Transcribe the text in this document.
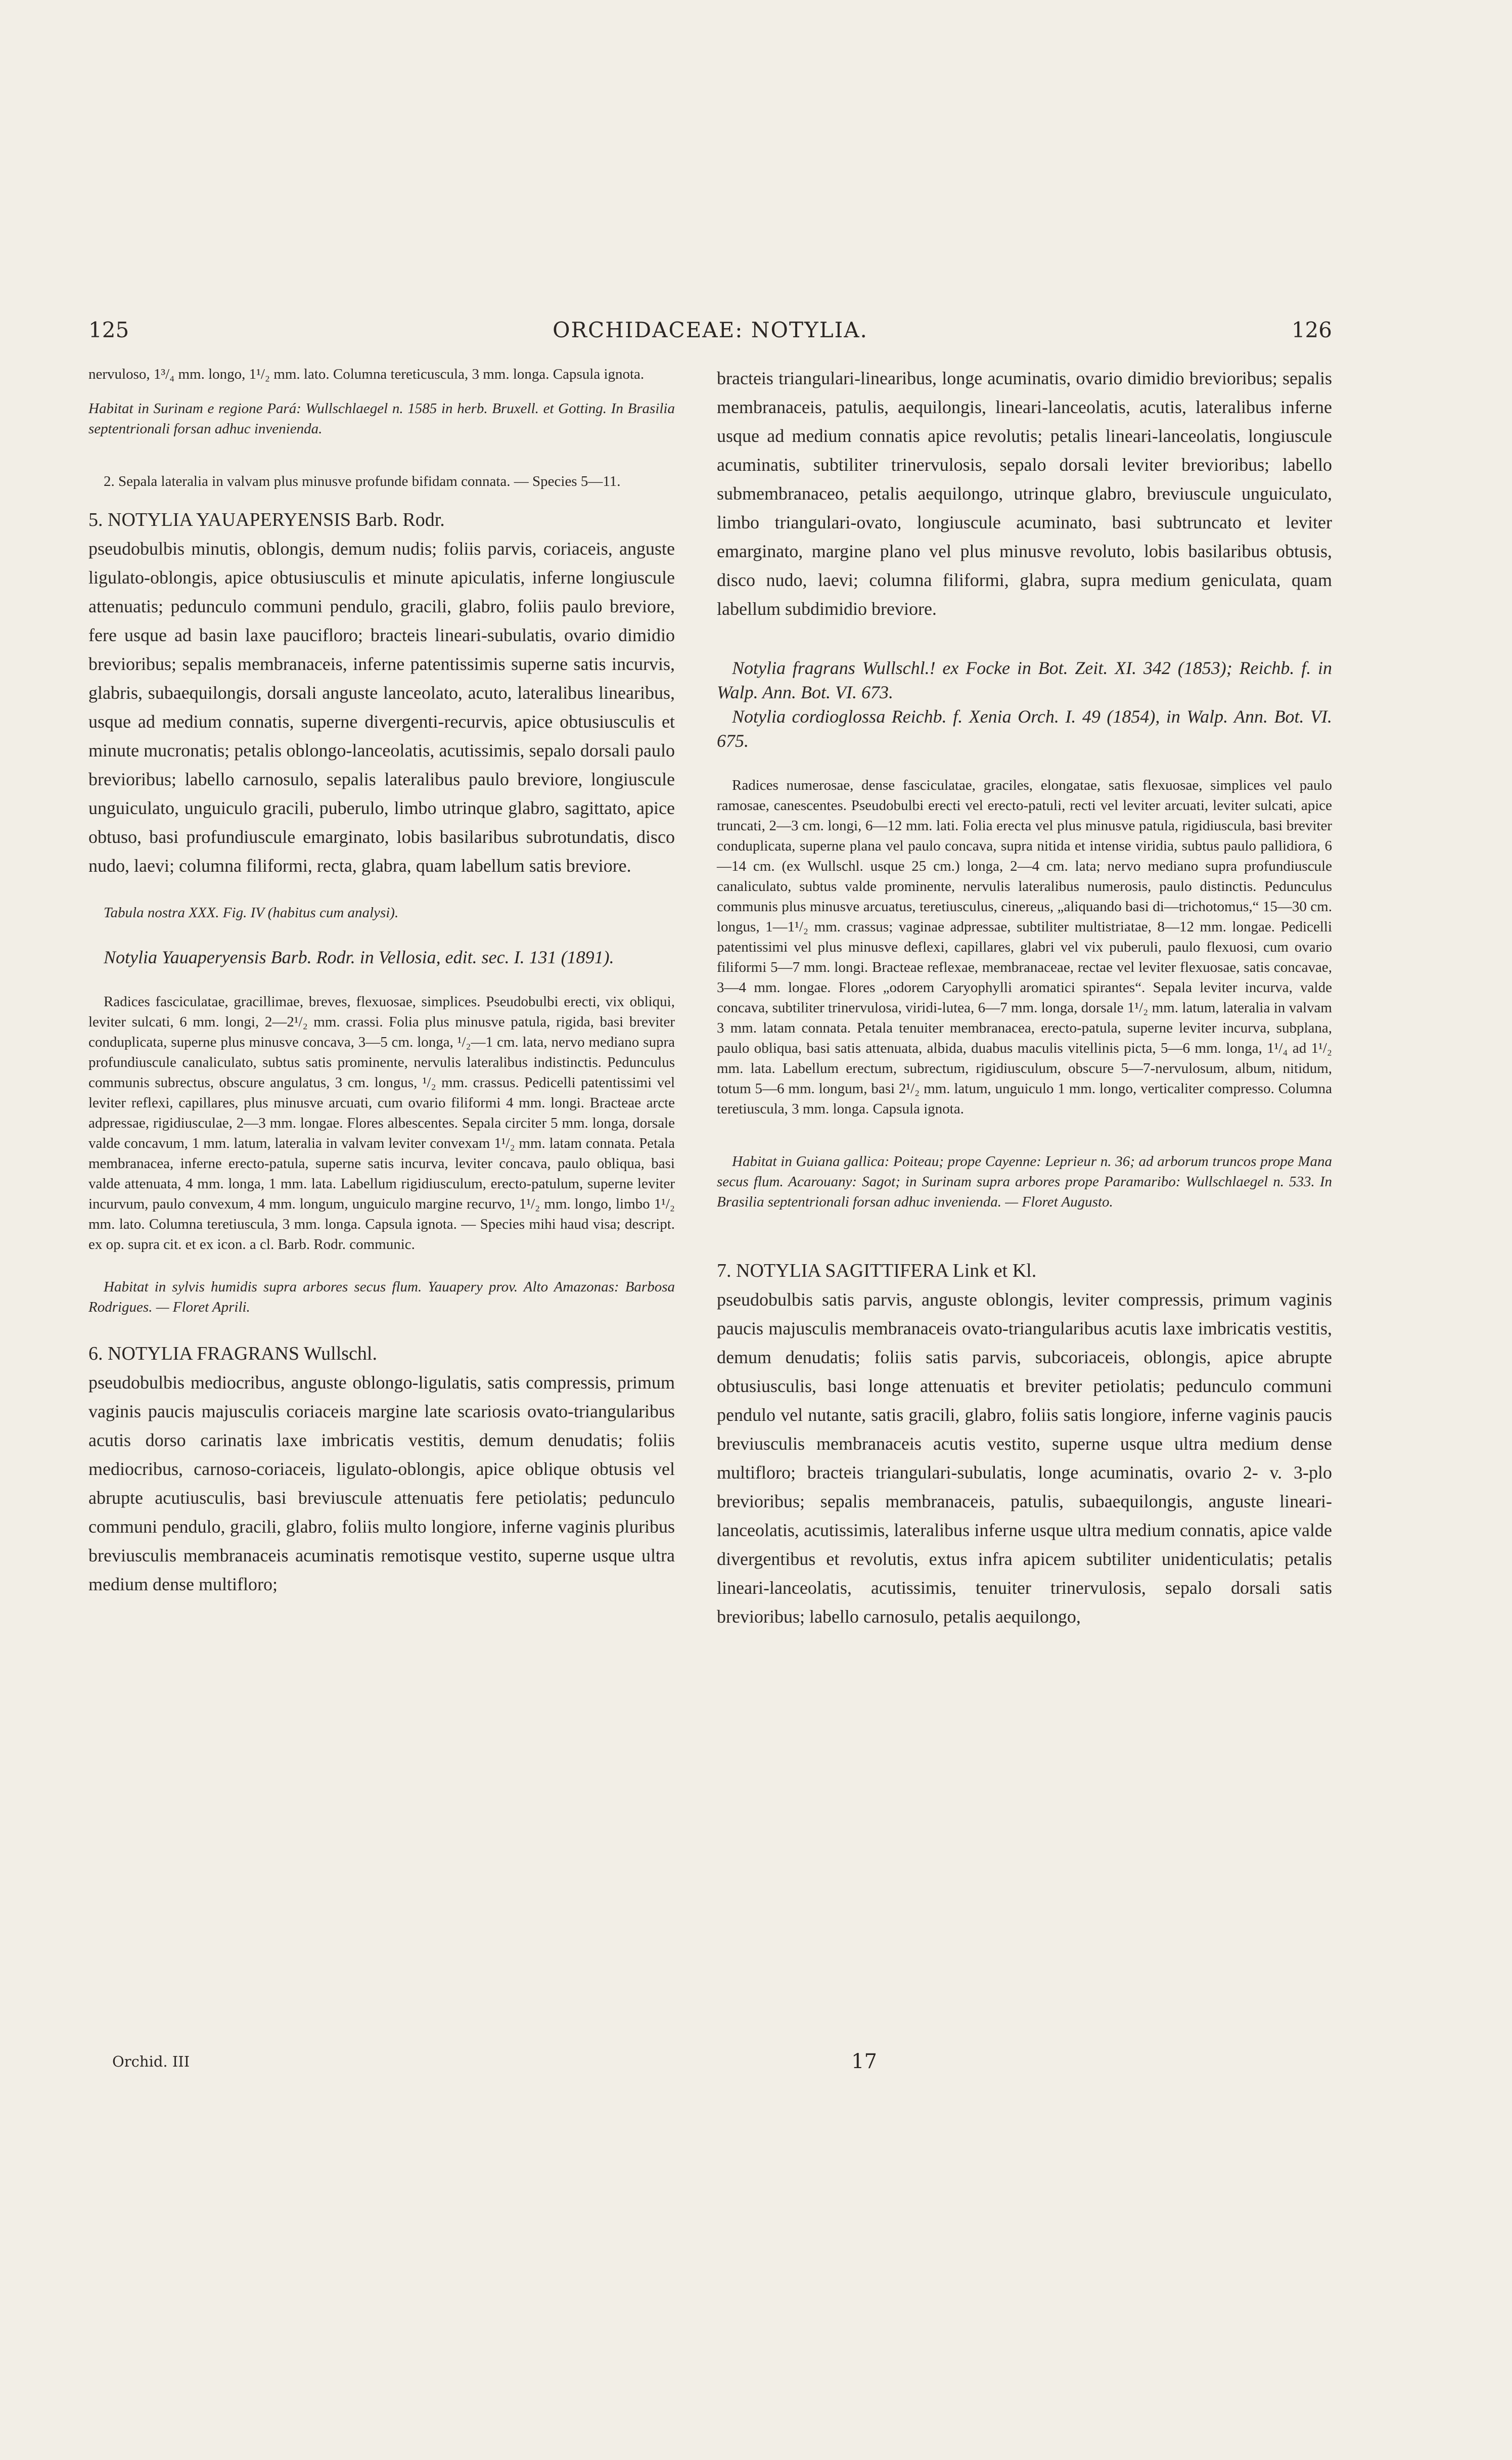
125	ORCHIDACEAE: NOTYLIA.	126

nervuloso, 1³/₄ mm. longo, 1¹/₂ mm. lato. Columna tereticuscula, 3 mm. longa. Capsula ignota.

Habitat in Surinam e regione Pará: Wullschlaegel n. 1585 in herb. Bruxell. et Gotting. In Brasilia septentrionali forsan adhuc invenienda.

2. Sepala lateralia in valvam plus minusve profunde bifidam connata. — Species 5—11.

5. NOTYLIA YAUAPERYENSIS Barb. Rodr.

pseudobulbis minutis, oblongis, demum nudis; foliis parvis, coriaceis, anguste ligulato-oblongis, apice obtusiusculis et minute apiculatis, inferne longiuscule attenuatis; pedunculo communi pendulo, gracili, glabro, foliis paulo breviore, fere usque ad basin laxe paucifloro; bracteis lineari-subulatis, ovario dimidio brevioribus; sepalis membranaceis, inferne patentissimis superne satis incurvis, glabris, subaequilongis, dorsali anguste lanceolato, acuto, lateralibus linearibus, usque ad medium connatis, superne divergenti-recurvis, apice obtusiusculis et minute mucronatis; petalis oblongo-lanceolatis, acutissimis, sepalo dorsali paulo brevioribus; labello carnosulo, sepalis lateralibus paulo breviore, longiuscule unguiculato, unguiculo gracili, puberulo, limbo utrinque glabro, sagittato, apice obtuso, basi profundiuscule emarginato, lobis basilaribus subrotundatis, disco nudo, laevi; columna filiformi, recta, glabra, quam labellum satis breviore.

Tabula nostra XXX. Fig. IV (habitus cum analysi).

Notylia Yauaperyensis Barb. Rodr. in Vellosia, edit. sec. I. 131 (1891).

Radices fasciculatae, gracillimae, breves, flexuosae, simplices. Pseudobulbi erecti, vix obliqui, leviter sulcati, 6 mm. longi, 2—2¹/₂ mm. crassi. Folia plus minusve patula, rigida, basi breviter conduplicata, superne plus minusve concava, 3—5 cm. longa, ¹/₂—1 cm. lata, nervo mediano supra profundiuscule canaliculato, subtus satis prominente, nervulis lateralibus indistinctis. Pedunculus communis subrectus, obscure angulatus, 3 cm. longus, ¹/₂ mm. crassus. Pedicelli patentissimi vel leviter reflexi, capillares, plus minusve arcuati, cum ovario filiformi 4 mm. longi. Bracteae arcte adpressae, rigidiusculae, 2—3 mm. longae. Flores albescentes. Sepala circiter 5 mm. longa, dorsale valde concavum, 1 mm. latum, lateralia in valvam leviter convexam 1¹/₂ mm. latam connata. Petala membranacea, inferne erecto-patula, superne satis incurva, leviter concava, paulo obliqua, basi valde attenuata, 4 mm. longa, 1 mm. lata. Labellum rigidiusculum, erecto-patulum, superne leviter incurvum, paulo convexum, 4 mm. longum, unguiculo margine recurvo, 1¹/₂ mm. longo, limbo 1¹/₂ mm. lato. Columna teretiuscula, 3 mm. longa. Capsula ignota. — Species mihi haud visa; descript. ex op. supra cit. et ex icon. a cl. Barb. Rodr. communic.

Habitat in sylvis humidis supra arbores secus flum. Yauapery prov. Alto Amazonas: Barbosa Rodrigues. — Floret Aprili.

6. NOTYLIA FRAGRANS Wullschl.

pseudobulbis mediocribus, anguste oblongo-ligulatis, satis compressis, primum vaginis paucis majusculis coriaceis margine late scariosis ovato-triangularibus acutis dorso carinatis laxe imbricatis vestitis, demum denudatis; foliis mediocribus, carnoso-coriaceis, ligulato-oblongis, apice oblique obtusis vel abrupte acutiusculis, basi breviuscule attenuatis fere petiolatis; pedunculo communi pendulo, gracili, glabro, foliis multo longiore, inferne vaginis pluribus breviusculis membranaceis acuminatis remotisque vestito, superne usque ultra medium dense multifloro;

bracteis triangulari-linearibus, longe acuminatis, ovario dimidio brevioribus; sepalis membranaceis, patulis, aequilongis, lineari-lanceolatis, acutis, lateralibus inferne usque ad medium connatis apice revolutis; petalis lineari-lanceolatis, longiuscule acuminatis, subtiliter trinervulosis, sepalo dorsali leviter brevioribus; labello submembranaceo, petalis aequilongo, utrinque glabro, breviuscule unguiculato, limbo triangulari-ovato, longiuscule acuminato, basi subtruncato et leviter emarginato, margine plano vel plus minusve revoluto, lobis basilaribus obtusis, disco nudo, laevi; columna filiformi, glabra, supra medium geniculata, quam labellum subdimidio breviore.

Notylia fragrans Wullschl.! ex Focke in Bot. Zeit. XI. 342 (1853); Reichb. f. in Walp. Ann. Bot. VI. 673.

Notylia cordioglossa Reichb. f. Xenia Orch. I. 49 (1854), in Walp. Ann. Bot. VI. 675.

Radices numerosae, dense fasciculatae, graciles, elongatae, satis flexuosae, simplices vel paulo ramosae, canescentes. Pseudobulbi erecti vel erecto-patuli, recti vel leviter arcuati, leviter sulcati, apice truncati, 2—3 cm. longi, 6—12 mm. lati. Folia erecta vel plus minusve patula, rigidiuscula, basi breviter conduplicata, superne plana vel paulo concava, supra nitida et intense viridia, subtus paulo pallidiora, 6—14 cm. (ex Wullschl. usque 25 cm.) longa, 2—4 cm. lata; nervo mediano supra profundiuscule canaliculato, subtus valde prominente, nervulis lateralibus numerosis, paulo distinctis. Pedunculus communis plus minusve arcuatus, teretiusculus, cinereus, „aliquando basi di—trichotomus,“ 15—30 cm. longus, 1—1¹/₂ mm. crassus; vaginae adpressae, subtiliter multistriatae, 8—12 mm. longae. Pedicelli patentissimi vel plus minusve deflexi, capillares, glabri vel vix puberuli, paulo flexuosi, cum ovario filiformi 5—7 mm. longi. Bracteae reflexae, membranaceae, rectae vel leviter flexuosae, satis concavae, 3—4 mm. longae. Flores „odorem Caryophylli aromatici spirantes“. Sepala leviter incurva, valde concava, subtiliter trinervulosa, viridi-lutea, 6—7 mm. longa, dorsale 1¹/₂ mm. latum, lateralia in valvam 3 mm. latam connata. Petala tenuiter membranacea, erecto-patula, superne leviter incurva, subplana, paulo obliqua, basi satis attenuata, albida, duabus maculis vitellinis picta, 5—6 mm. longa, 1¹/₄ ad 1¹/₂ mm. lata. Labellum erectum, subrectum, rigidiusculum, obscure 5—7-nervulosum, album, nitidum, totum 5—6 mm. longum, basi 2¹/₂ mm. latum, unguiculo 1 mm. longo, verticaliter compresso. Columna teretiuscula, 3 mm. longa. Capsula ignota.

Habitat in Guiana gallica: Poiteau; prope Cayenne: Leprieur n. 36; ad arborum truncos prope Mana secus flum. Acarouany: Sagot; in Surinam supra arbores prope Paramaribo: Wullschlaegel n. 533. In Brasilia septentrionali forsan adhuc invenienda. — Floret Augusto.

7. NOTYLIA SAGITTIFERA Link et Kl.

pseudobulbis satis parvis, anguste oblongis, leviter compressis, primum vaginis paucis majusculis membranaceis ovato-triangularibus acutis laxe imbricatis vestitis, demum denudatis; foliis satis parvis, subcoriaceis, oblongis, apice abrupte obtusiusculis, basi longe attenuatis et breviter petiolatis; pedunculo communi pendulo vel nutante, satis gracili, glabro, foliis satis longiore, inferne vaginis paucis breviusculis membranaceis acutis vestito, superne usque ultra medium dense multifloro; bracteis triangulari-subulatis, longe acuminatis, ovario 2- v. 3-plo brevioribus; sepalis membranaceis, patulis, subaequilongis, anguste lineari-lanceolatis, acutissimis, lateralibus inferne usque ultra medium connatis, apice valde divergentibus et revolutis, extus infra apicem subtiliter unidenticulatis; petalis lineari-lanceolatis, acutissimis, tenuiter trinervulosis, sepalo dorsali satis brevioribus; labello carnosulo, petalis aequilongo,

Orchid. III	17
